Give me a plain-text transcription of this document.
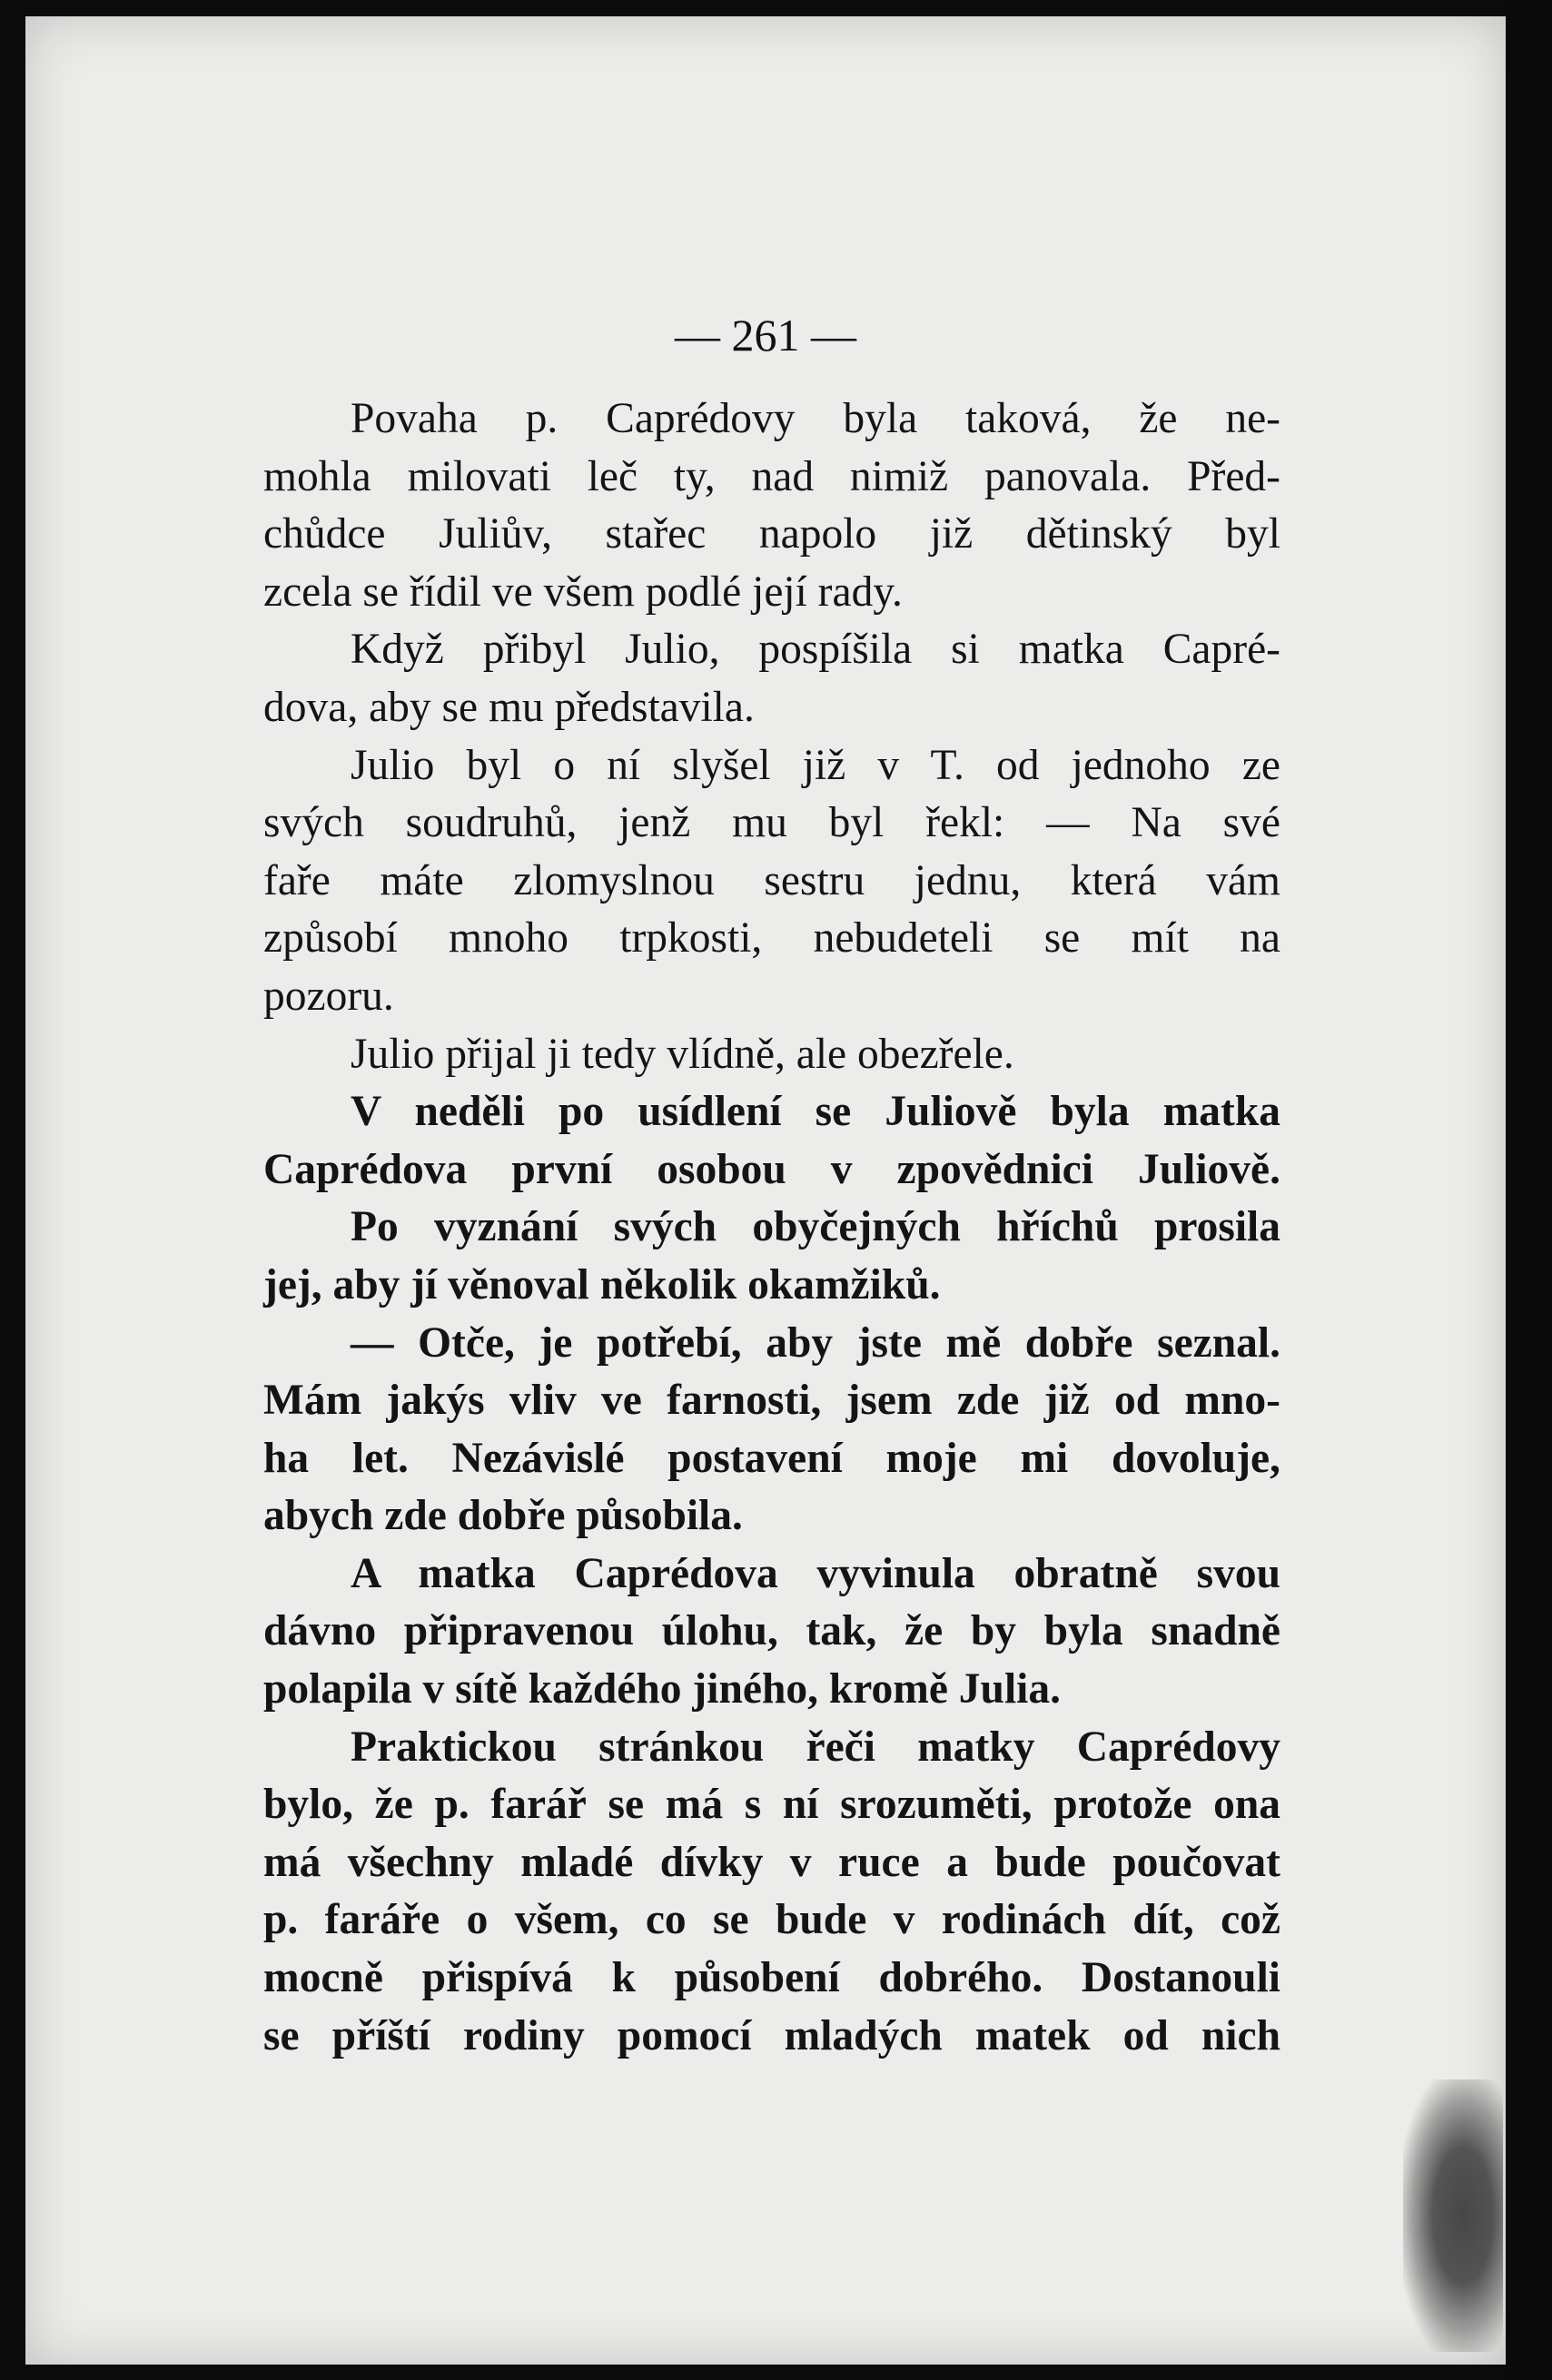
— 261 —
Povaha p. Caprédovy byla taková, že ne-
mohla milovati leč ty, nad nimiž panovala. Před-
chůdce Juliův, stařec napolo již dětinský byl
zcela se řídil ve všem podlé její rady.
Když přibyl Julio, pospíšila si matka Capré-
dova, aby se mu představila.
Julio byl o ní slyšel již v T. od jednoho ze
svých soudruhů, jenž mu byl řekl: — Na své
faře máte zlomyslnou sestru jednu, která vám
způsobí mnoho trpkosti, nebudeteli se mít na
pozoru.
Julio přijal ji tedy vlídně, ale obezřele.
V neděli po usídlení se Juliově byla matka
Caprédova první osobou v zpovědnici Juliově.
Po vyznání svých obyčejných hříchů prosila
jej, aby jí věnoval několik okamžiků.
— Otče, je potřebí, aby jste mě dobře seznal.
Mám jakýs vliv ve farnosti, jsem zde již od mno-
ha let. Nezávislé postavení moje mi dovoluje,
abych zde dobře působila.
A matka Caprédova vyvinula obratně svou
dávno připravenou úlohu, tak, že by byla snadně
polapila v sítě každého jiného, kromě Julia.
Praktickou stránkou řeči matky Caprédovy
bylo, že p. farář se má s ní srozuměti, protože ona
má všechny mladé dívky v ruce a bude poučovat
p. faráře o všem, co se bude v rodinách dít, což
mocně přispívá k působení dobrého. Dostanouli
se příští rodiny pomocí mladých matek od nich
